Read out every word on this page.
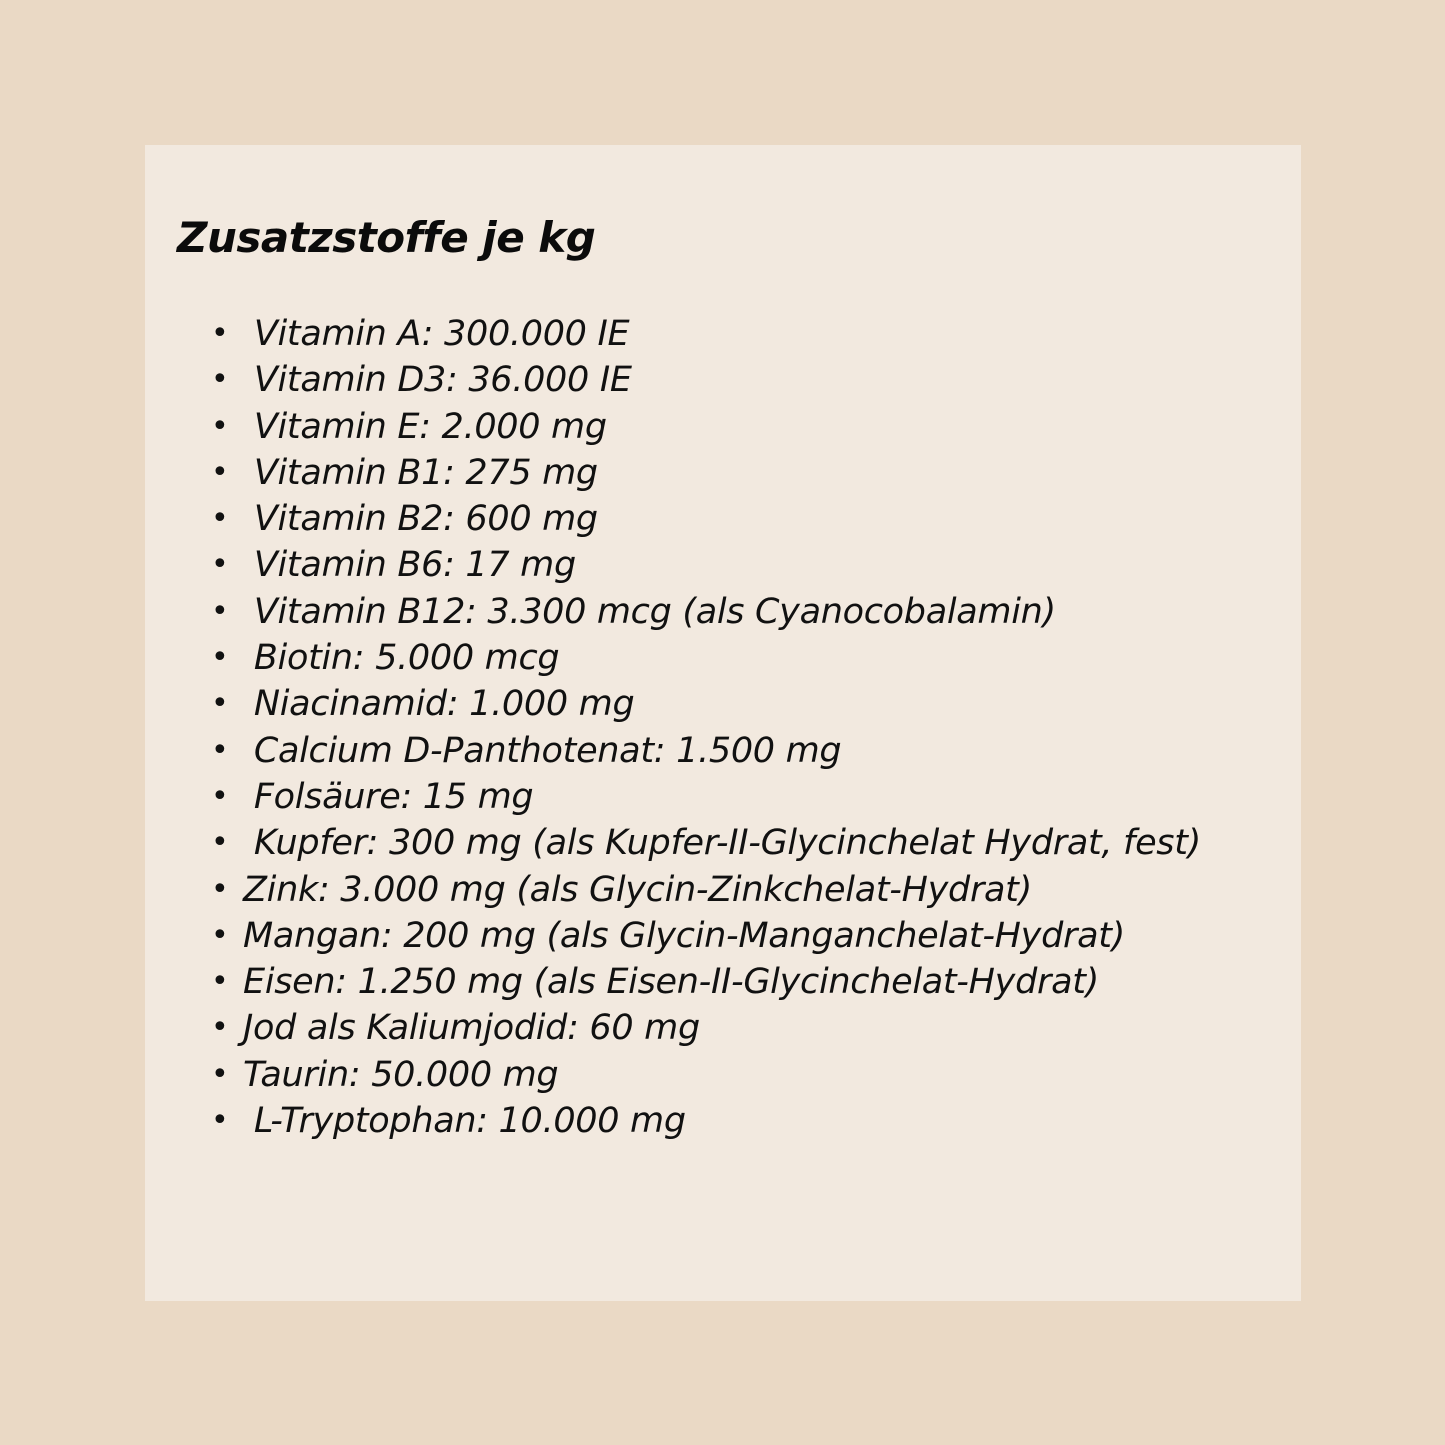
Zusatzstoffe je kg
• Vitamin A: 300.000 IE
• Vitamin D3: 36.000 IE
• Vitamin E: 2.000 mg
• Vitamin B1: 275 mg
• Vitamin B2: 600 mg
• Vitamin B6: 17 mg
• Vitamin B12: 3.300 mcg (als Cyanocobalamin)
• Biotin: 5.000 mcg
• Niacinamid: 1.000 mg
• Calcium D-Panthotenat: 1.500 mg
• Folsäure: 15 mg
• Kupfer: 300 mg (als Kupfer-II-Glycinchelat Hydrat, fest)
• Zink: 3.000 mg (als Glycin-Zinkchelat-Hydrat)
• Mangan: 200 mg (als Glycin-Manganchelat-Hydrat)
• Eisen: 1.250 mg (als Eisen-II-Glycinchelat-Hydrat)
• Jod als Kaliumjodid: 60 mg
• Taurin: 50.000 mg
• L-Tryptophan: 10.000 mg
